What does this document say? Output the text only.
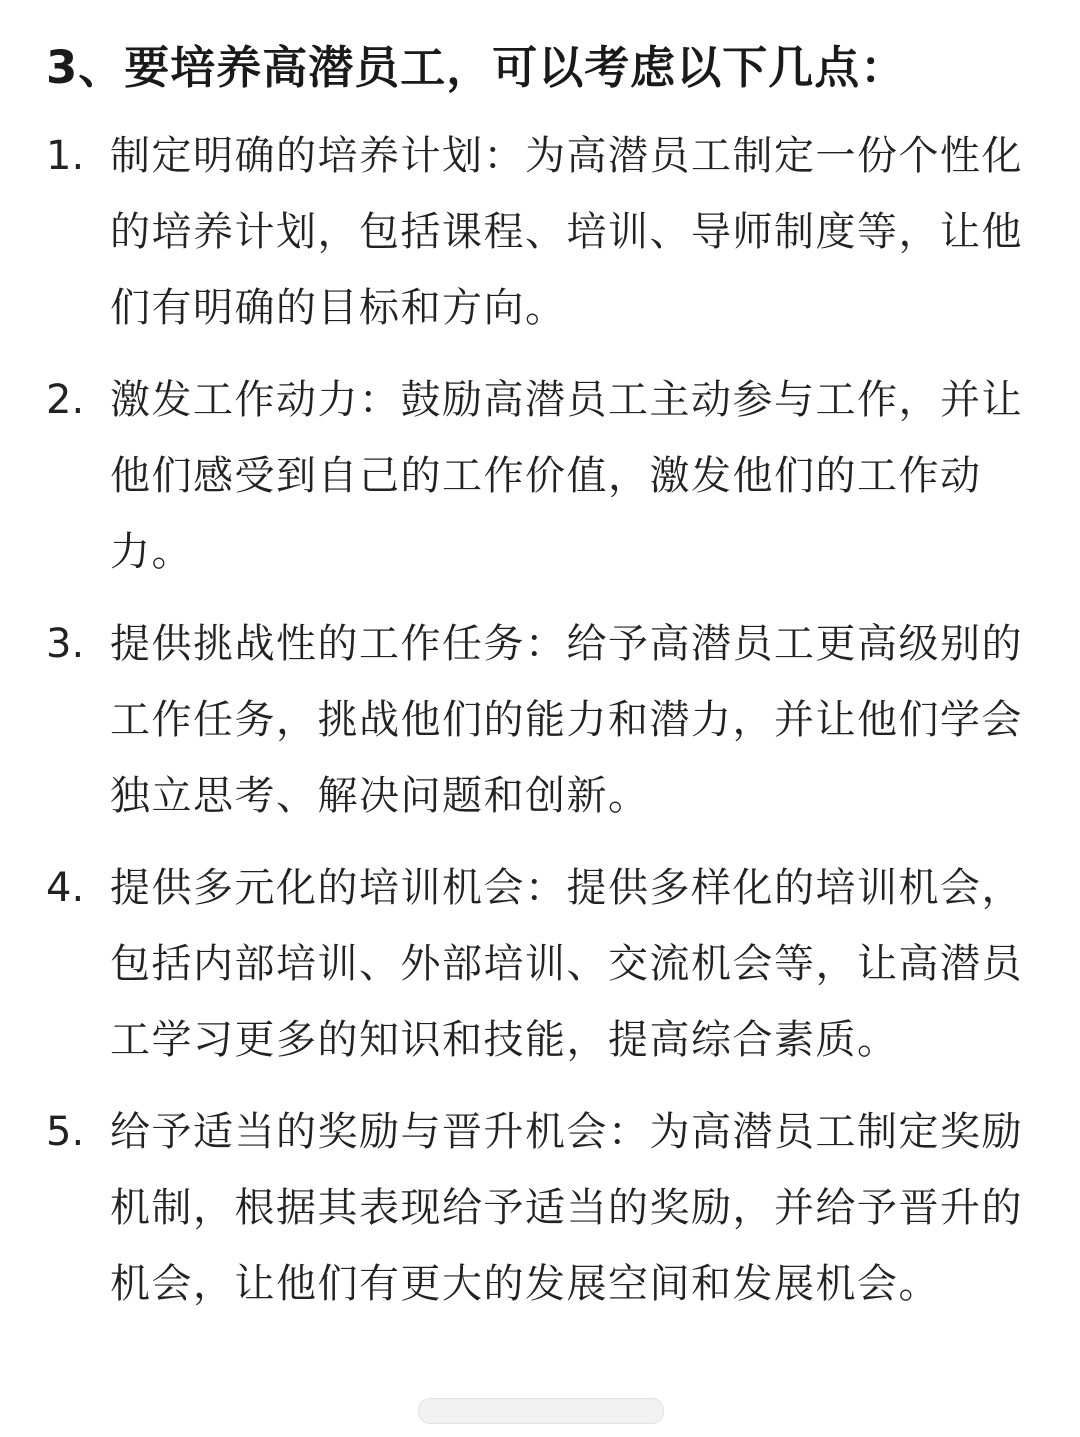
3、要培养高潜员工，可以考虑以下几点：
1. 制定明确的培养计划：为高潜员工制定一份个性化的培养计划，包括课程、培训、导师制度等，让他们有明确的目标和方向。
2. 激发工作动力：鼓励高潜员工主动参与工作，并让他们感受到自己的工作价值，激发他们的工作动力。
3. 提供挑战性的工作任务：给予高潜员工更高级别的工作任务，挑战他们的能力和潜力，并让他们学会独立思考、解决问题和创新。
4. 提供多元化的培训机会：提供多样化的培训机会，包括内部培训、外部培训、交流机会等，让高潜员工学习更多的知识和技能，提高综合素质。
5. 给予适当的奖励与晋升机会：为高潜员工制定奖励机制，根据其表现给予适当的奖励，并给予晋升的机会，让他们有更大的发展空间和发展机会。
